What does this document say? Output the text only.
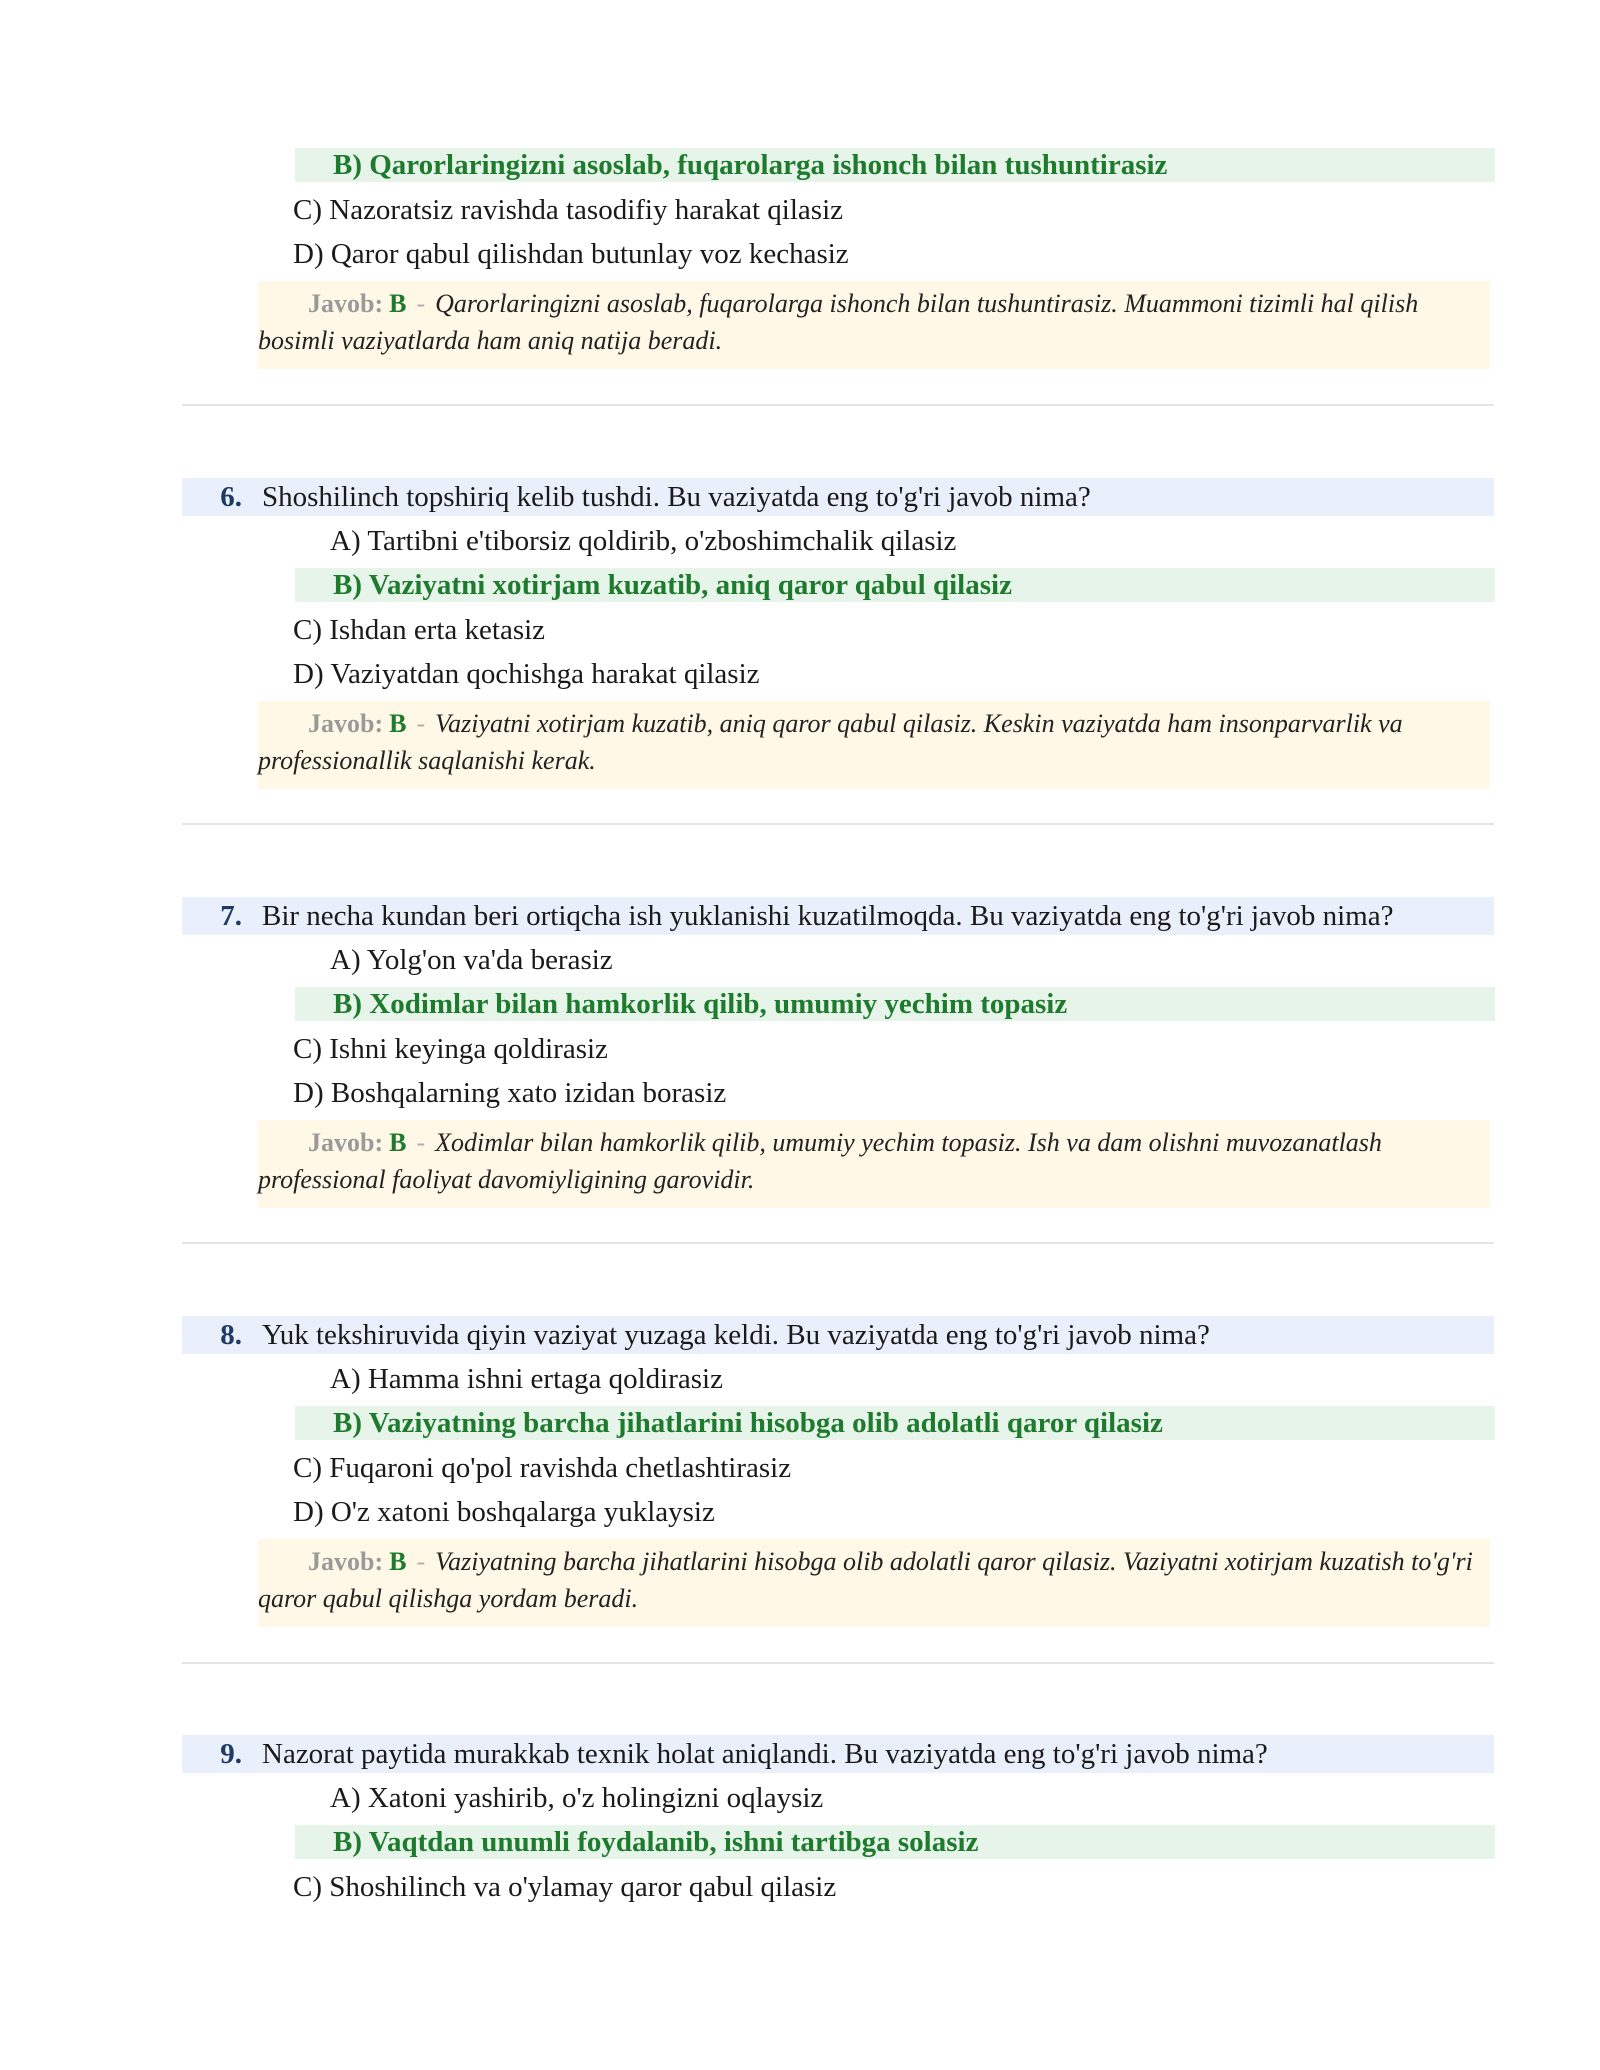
B) Qarorlaringizni asoslab, fuqarolarga ishonch bilan tushuntirasiz
C) Nazoratsiz ravishda tasodifiy harakat qilasiz
D) Qaror qabul qilishdan butunlay voz kechasiz
Javob: B - Qarorlaringizni asoslab, fuqarolarga ishonch bilan tushuntirasiz. Muammoni tizimli hal qilish bosimli vaziyatlarda ham aniq natija beradi.
6. Shoshilinch topshiriq kelib tushdi. Bu vaziyatda eng to'g'ri javob nima?
A) Tartibni e'tiborsiz qoldirib, o'zboshimchalik qilasiz
B) Vaziyatni xotirjam kuzatib, aniq qaror qabul qilasiz
C) Ishdan erta ketasiz
D) Vaziyatdan qochishga harakat qilasiz
Javob: B - Vaziyatni xotirjam kuzatib, aniq qaror qabul qilasiz. Keskin vaziyatda ham insonparvarlik va professionallik saqlanishi kerak.
7. Bir necha kundan beri ortiqcha ish yuklanishi kuzatilmoqda. Bu vaziyatda eng to'g'ri javob nima?
A) Yolg'on va'da berasiz
B) Xodimlar bilan hamkorlik qilib, umumiy yechim topasiz
C) Ishni keyinga qoldirasiz
D) Boshqalarning xato izidan borasiz
Javob: B - Xodimlar bilan hamkorlik qilib, umumiy yechim topasiz. Ish va dam olishni muvozanatlash professional faoliyat davomiyligining garovidir.
8. Yuk tekshiruvida qiyin vaziyat yuzaga keldi. Bu vaziyatda eng to'g'ri javob nima?
A) Hamma ishni ertaga qoldirasiz
B) Vaziyatning barcha jihatlarini hisobga olib adolatli qaror qilasiz
C) Fuqaroni qo'pol ravishda chetlashtirasiz
D) O'z xatoni boshqalarga yuklaysiz
Javob: B - Vaziyatning barcha jihatlarini hisobga olib adolatli qaror qilasiz. Vaziyatni xotirjam kuzatish to'g'ri qaror qabul qilishga yordam beradi.
9. Nazorat paytida murakkab texnik holat aniqlandi. Bu vaziyatda eng to'g'ri javob nima?
A) Xatoni yashirib, o'z holingizni oqlaysiz
B) Vaqtdan unumli foydalanib, ishni tartibga solasiz
C) Shoshilinch va o'ylamay qaror qabul qilasiz
